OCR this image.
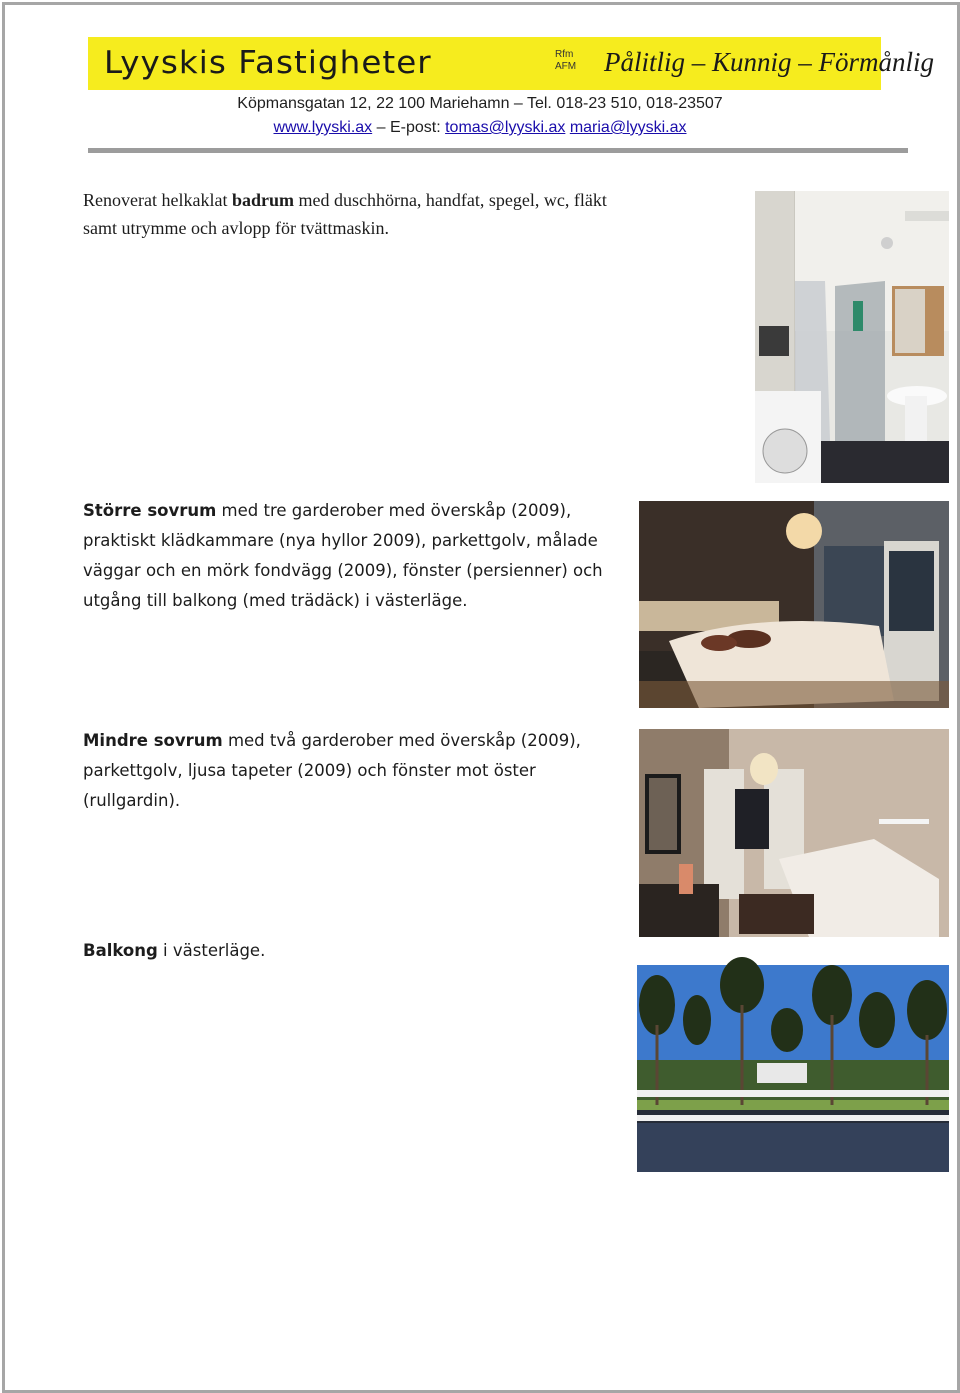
Lyyskis Fastigheter	Rfm
AFM Pålitlig – Kunnig – Förmånlig
Köpmansgatan 12, 22 100 Mariehamn – Tel. 018-23 510, 018-23507
www.lyyski.ax – E-post: tomas@lyyski.ax maria@lyyski.ax
Renoverat helkaklat badrum med duschhörna, handfat, spegel, wc, fläkt samt utrymme och avlopp för tvättmaskin.
Större sovrum med tre garderober med överskåp (2009), praktiskt klädkammare (nya hyllor 2009), parkettgolv, målade väggar och en mörk fondvägg (2009), fönster (persienner) och utgång till balkong (med trädäck) i västerläge.
Mindre sovrum med två garderober med överskåp (2009), parkettgolv, ljusa tapeter (2009) och fönster mot öster (rullgardin).
Balkong i västerläge.
